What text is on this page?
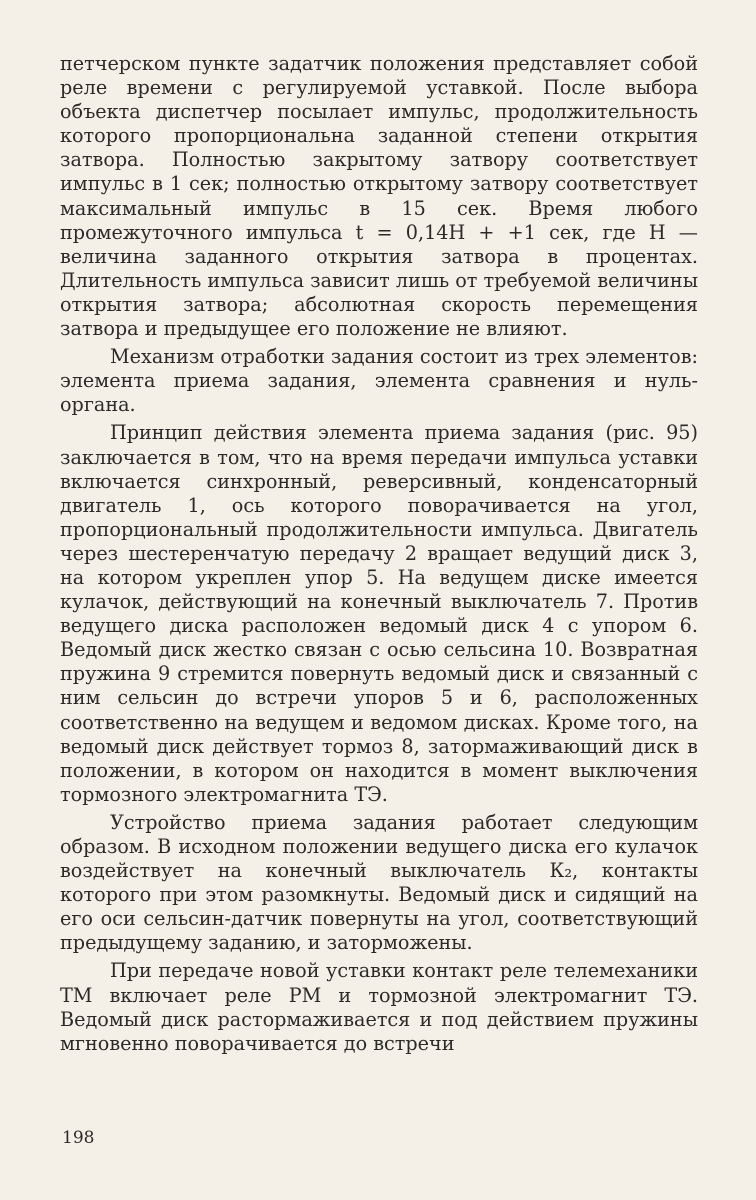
петчерском пункте задатчик положения представляет собой реле времени с регулируемой уставкой. После выбора объекта диспетчер посылает импульс, продолжительность которого пропорциональна заданной степени открытия затвора. Полностью закрытому затвору соответствует импульс в 1 сек; полностью открытому затвору соответствует максимальный импульс в 15 сек. Время любого промежуточного импульса t = 0,14H + +1 сек, где H — величина заданного открытия затвора в процентах. Длительность импульса зависит лишь от требуемой величины открытия затвора; абсолютная скорость перемещения затвора и предыдущее его положение не влияют.

Механизм отработки задания состоит из трех элементов: элемента приема задания, элемента сравнения и нуль-органа.

Принцип действия элемента приема задания (рис. 95) заключается в том, что на время передачи импульса уставки включается синхронный, реверсивный, конденсаторный двигатель 1, ось которого поворачивается на угол, пропорциональный продолжительности импульса. Двигатель через шестеренчатую передачу 2 вращает ведущий диск 3, на котором укреплен упор 5. На ведущем диске имеется кулачок, действующий на конечный выключатель 7. Против ведущего диска расположен ведомый диск 4 с упором 6. Ведомый диск жестко связан с осью сельсина 10. Возвратная пружина 9 стремится повернуть ведомый диск и связанный с ним сельсин до встречи упоров 5 и 6, расположенных соответственно на ведущем и ведомом дисках. Кроме того, на ведомый диск действует тормоз 8, затормаживающий диск в положении, в котором он находится в момент выключения тормозного электромагнита ТЭ.

Устройство приема задания работает следующим образом. В исходном положении ведущего диска его кулачок воздействует на конечный выключатель К₂, контакты которого при этом разомкнуты. Ведомый диск и сидящий на его оси сельсин-датчик повернуты на угол, соответствующий предыдущему заданию, и заторможены.

При передаче новой уставки контакт реле телемеханики ТМ включает реле РМ и тормозной электромагнит ТЭ. Ведомый диск растормаживается и под действием пружины мгновенно поворачивается до встречи

198
